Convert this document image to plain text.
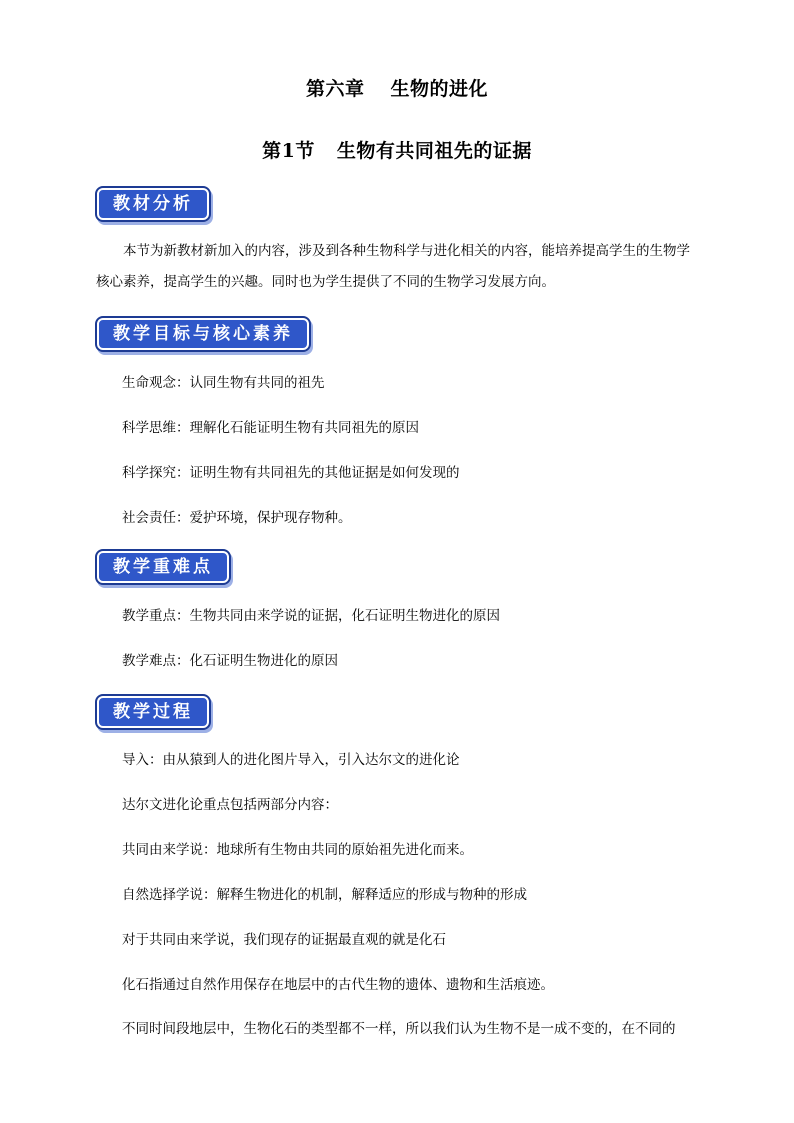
第六章 生物的进化
第1节 生物有共同祖先的证据
教材分析

本节为新教材新加入的内容，涉及到各种生物科学与进化相关的内容，能培养提高学生的生物学核心素养，提高学生的兴趣。同时也为学生提供了不同的生物学习发展方向。

教学目标与核心素养

生命观念：认同生物有共同的祖先

科学思维：理解化石能证明生物有共同祖先的原因

科学探究：证明生物有共同祖先的其他证据是如何发现的

社会责任：爱护环境，保护现存物种。

教学重难点

教学重点：生物共同由来学说的证据，化石证明生物进化的原因

教学难点：化石证明生物进化的原因

教学过程

导入：由从猿到人的进化图片导入，引入达尔文的进化论

达尔文进化论重点包括两部分内容：

共同由来学说：地球所有生物由共同的原始祖先进化而来。

自然选择学说：解释生物进化的机制，解释适应的形成与物种的形成

对于共同由来学说，我们现存的证据最直观的就是化石

化石指通过自然作用保存在地层中的古代生物的遗体、遗物和生活痕迹。

不同时间段地层中，生物化石的类型都不一样，所以我们认为生物不是一成不变的，在不同的
